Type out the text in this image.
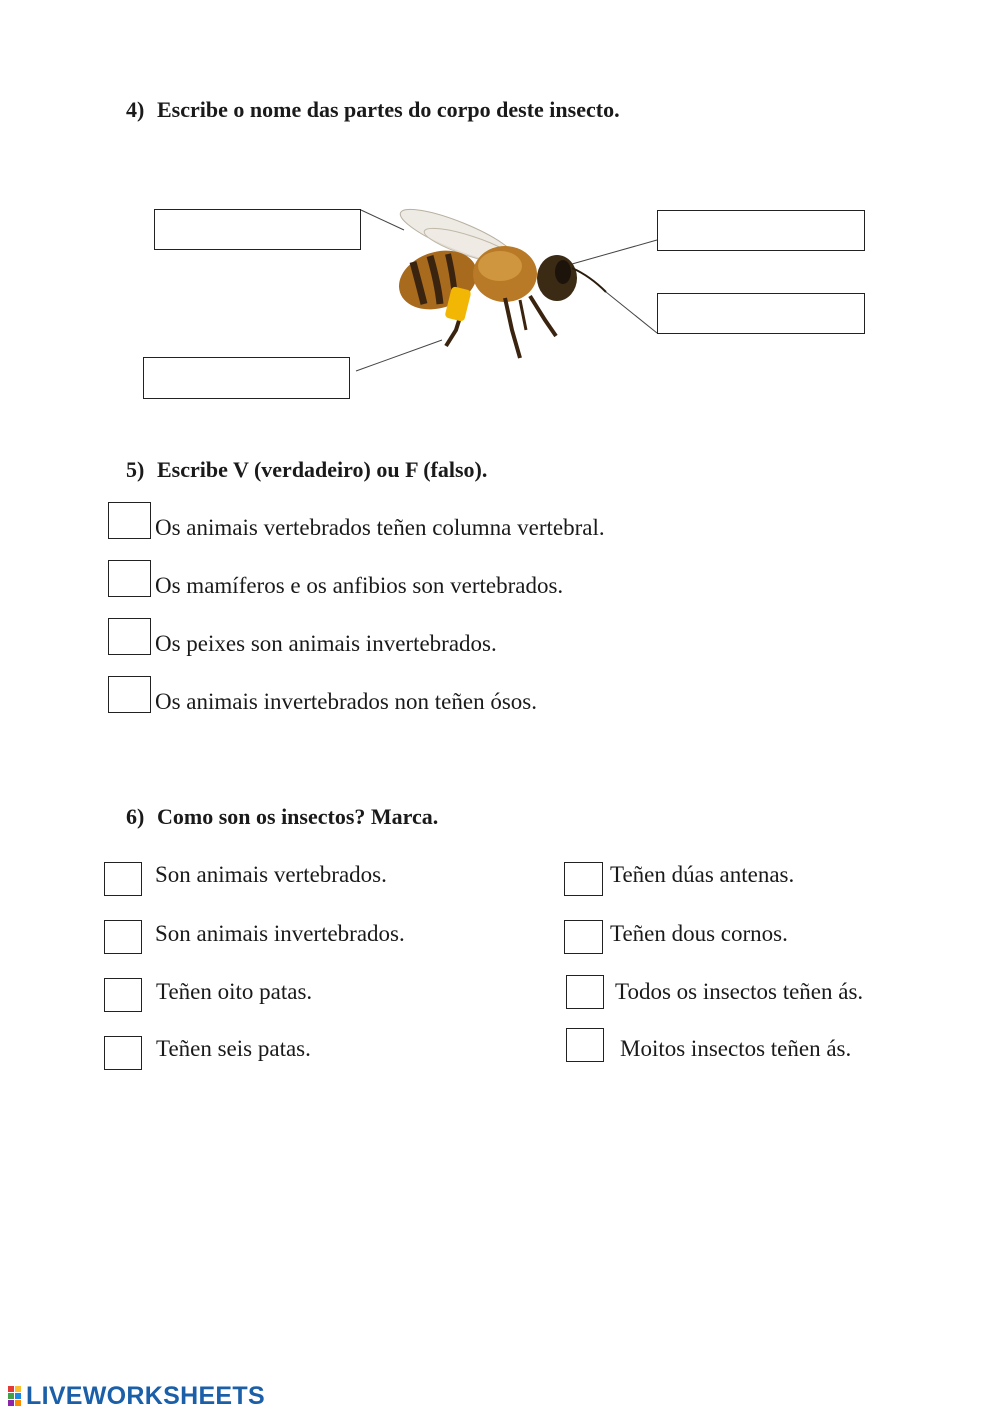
4) Escribe o nome das partes do corpo deste insecto.
5) Escribe V (verdadeiro) ou F (falso).
Os animais vertebrados teñen columna vertebral.
Os mamíferos e os anfibios son vertebrados.
Os peixes son animais invertebrados.
Os animais invertebrados non teñen ósos.
6) Como son os insectos? Marca.
Son animais vertebrados.
Son animais invertebrados.
Teñen oito patas.
Teñen seis patas.
Teñen dúas antenas.
Teñen dous cornos.
Todos os insectos teñen ás.
Moitos insectos teñen ás.
LIVEWORKSHEETS
